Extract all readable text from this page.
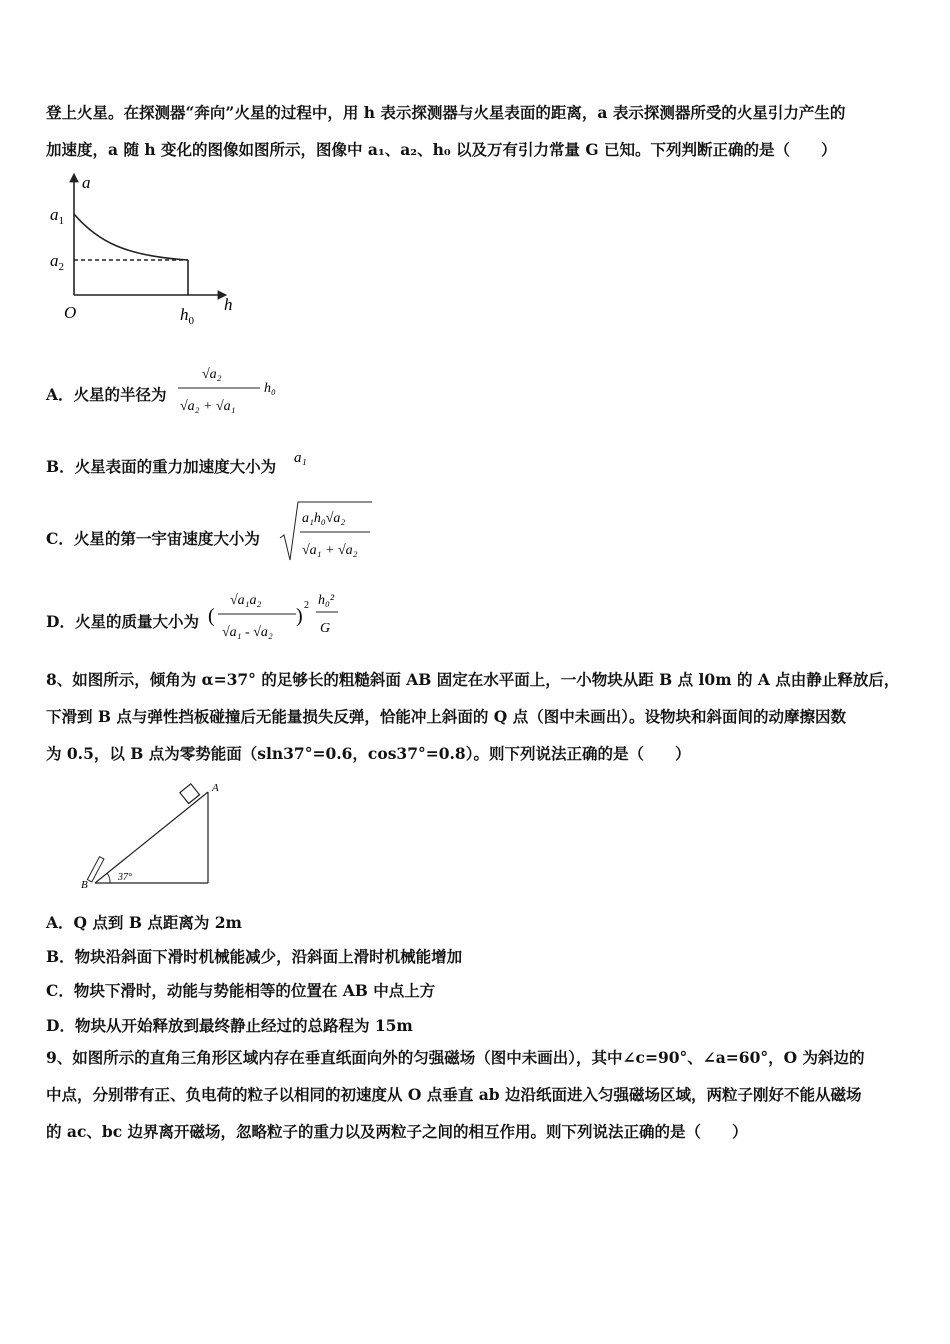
登上火星。在探测器“奔向”火星的过程中，用 h 表示探测器与火星表面的距离，a 表示探测器所受的火星引力产生的
加速度，a 随 h 变化的图像如图所示，图像中 a₁、a₂、h₀ 以及万有引力常量 G 已知。下列判断正确的是（　　）
a
h
O
$a_1$
$a_2$
$h_0$
A．火星的半径为
√a₂
√a₂ + √a₁
h₀
B．火星表面的重力加速度大小为 a₁
C．火星的第一宇宙速度大小为
a₁h₀√a₂
√a₁ + √a₂
D．火星的质量大小为 (
√a₁a₂
√a₁ - √a₂
) 2 h₀²
G
8、如图所示，倾角为 α=37° 的足够长的粗糙斜面 AB 固定在水平面上，一小物块从距 B 点 l0m 的 A 点由静止释放后，
下滑到 B 点与弹性挡板碰撞后无能量损失反弹，恰能冲上斜面的 Q 点（图中未画出）。设物块和斜面间的动摩擦因数
为 0.5，以 B 点为零势能面（sln37°=0.6，cos37°=0.8）。则下列说法正确的是（　　）
37°
A
B
A．Q 点到 B 点距离为 2m
B．物块沿斜面下滑时机械能减少，沿斜面上滑时机械能增加
C．物块下滑时，动能与势能相等的位置在 AB 中点上方
D．物块从开始释放到最终静止经过的总路程为 15m
9、如图所示的直角三角形区域内存在垂直纸面向外的匀强磁场（图中未画出），其中∠c=90°、∠a=60°，O 为斜边的
中点，分别带有正、负电荷的粒子以相同的初速度从 O 点垂直 ab 边沿纸面进入匀强磁场区域，两粒子刚好不能从磁场
的 ac、bc 边界离开磁场，忽略粒子的重力以及两粒子之间的相互作用。则下列说法正确的是（　　）
